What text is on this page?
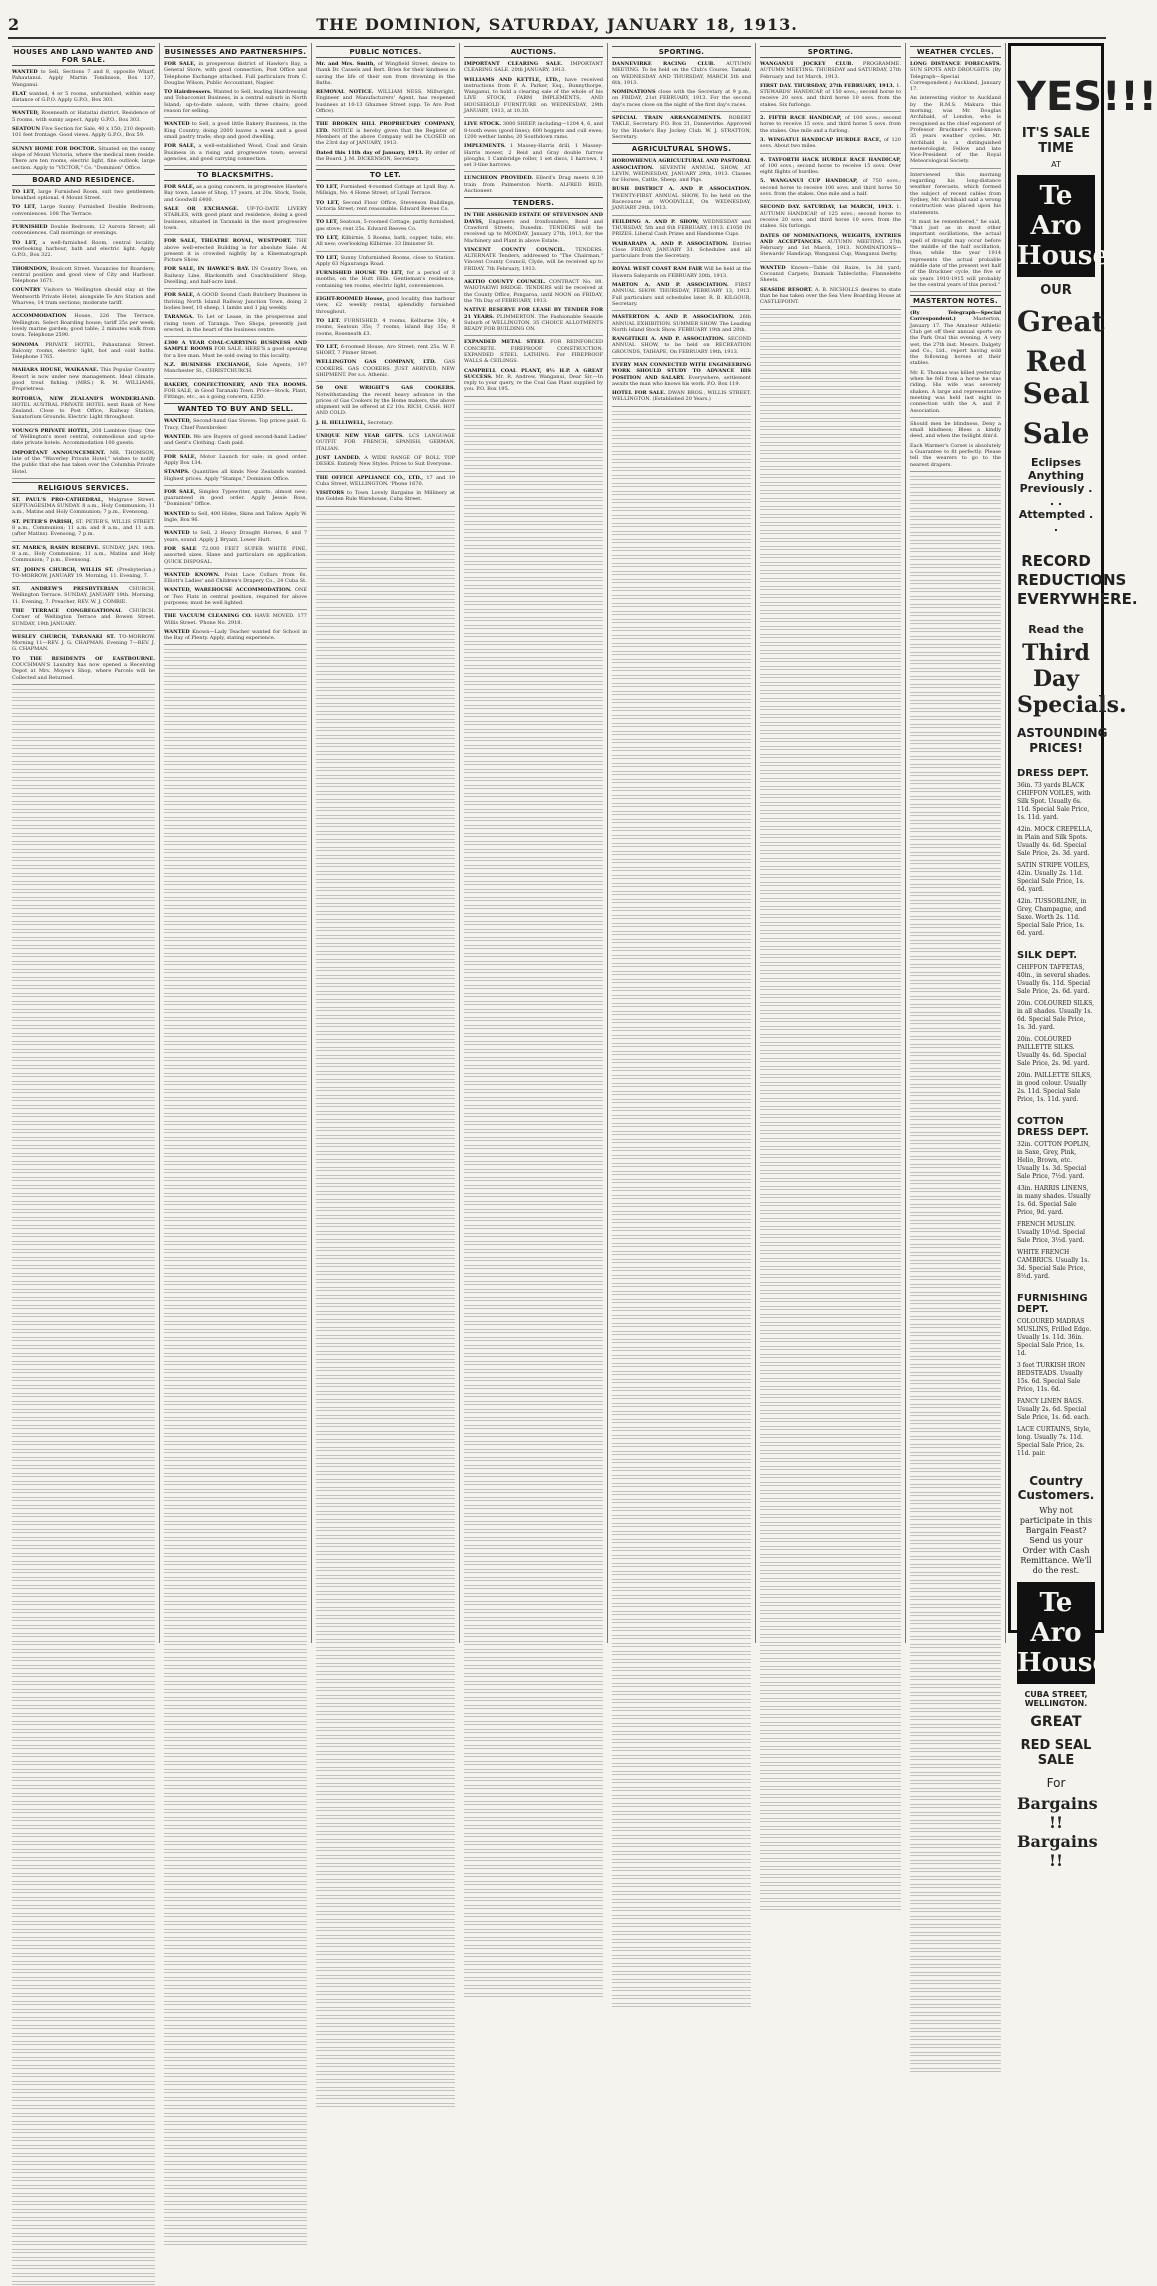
2	THE DOMINION, SATURDAY, JANUARY 18, 1913.
HOUSES AND LAND WANTED AND FOR SALE.
WANTED to Sell, Sections 7 and 8, opposite Wharf, Pahautanui. Apply Martin Tomlinson, Box 137, Wanganui.
FLAT wanted, 4 or 5 rooms, unfurnished, within easy distance of G.P.O. Apply G.P.O., Box 303.
WANTED, Roseneath or Hataitai district, Residence of 5 rooms, with sunny aspect. Apply G.P.O., Box 303.
SEATOUN Five Section for Sale, 40 x 150; 210 deposit; 101 feet frontage. Good views. Apply G.P.O., Box 59.
SUNNY HOME FOR DOCTOR. Situated on the sunny slope of Mount Victoria, where the medical men reside. There are ten rooms, electric light, fine outlook, large section. Apply to "VICTOR," Co. "Dominion" Office.
BOARD AND RESIDENCE.
TO LET, large Furnished Room, suit two gentlemen; breakfast optional. 4 Mount Street.
TO LET, Large Sunny Furnished Double Bedroom; conveniences. 108 The Terrace.
FURNISHED Double Bedroom, 12 Aurora Street; all conveniences. Call mornings or evenings.
TO LET, a well-furnished Room, central locality, overlooking harbour, bath and electric light. Apply G.P.O., Box 322.
THORNDON, Boulcott Street. Vacancies for Boarders; central position and good view of City and Harbour. Telephone 1671.
COUNTRY Visitors to Wellington should stay at the Wentworth Private Hotel, alongside Te Aro Station and Wharves; 14 tram sections; moderate tariff.
ACCOMMODATION House, 226 The Terrace, Wellington. Select Boarding house; tariff 25s per week; lovely marine garden; good table; 2 minutes walk from town. Telephone 2590.
SONOMA PRIVATE HOTEL, Pahautanui Street. Balcony rooms, electric light, hot and cold baths. Telephone 1765.
MAHARA HOUSE, WAIKANAE. This Popular Country Resort is now under new management. Ideal climate, good trout fishing. (MRS.) R. M. WILLIAMS, Proprietress.
ROTORUA, NEW ZEALAND'S WONDERLAND. HOTEL AUSTRAL PRIVATE HOTEL next Bank of New Zealand. Close to Post Office, Railway Station, Sanatorium Grounds. Electric Light throughout.
YOUNG'S PRIVATE HOTEL, 208 Lambton Quay. One of Wellington's most central, commodious and up-to-date private hotels. Accommodation 100 guests.
IMPORTANT ANNOUNCEMENT. MR. THOMSON, late of the "Waverley Private Hotel," wishes to notify the public that she has taken over the Columbia Private Hotel.
RELIGIOUS SERVICES.
ST. PAUL'S PRO-CATHEDRAL, Mulgrave Street. SEPTUAGESIMA SUNDAY. 8 a.m., Holy Communion; 11 a.m., Matins and Holy Communion; 7 p.m., Evensong.
ST. PETER'S PARISH, ST. PETER'S, WILLIS STREET. 8 a.m., Communion; 11 a.m. and 8 a.m., and 11 a.m. (after Matins). Evensong, 7 p.m.
ST. MARK'S, BASIN RESERVE. SUNDAY, JAN. 19th. 8 a.m., Holy Communion; 11 a.m., Matins and Holy Communion; 7 p.m., Evensong.
ST. JOHN'S CHURCH, WILLIS ST. (Presbyterian.) TO-MORROW, JANUARY 19. Morning, 11. Evening, 7.
ST. ANDREW'S PRESBYTERIAN CHURCH, Wellington Terrace. SUNDAY, JANUARY 19th. Morning, 11. Evening, 7. Preacher, REV. W. J. COMRIE.
THE TERRACE CONGREGATIONAL CHURCH. Corner of Wellington Terrace and Bowen Street. SUNDAY, 19th JANUARY.
WESLEY CHURCH, TARANAKI ST. TO-MORROW. Morning 11—REV. J. G. CHAPMAN. Evening 7—REV. J. G. CHAPMAN.
TO THE RESIDENTS OF EASTBOURNE. COUCHMAN'S Laundry has now opened a Receiving Depot at Mrs. Moyes's Shop, where Parcels will be Collected and Returned.
BUSINESSES AND PARTNERSHIPS.
FOR SALE, in prosperous district of Hawke's Bay, a General Store, with good connection, Post Office and Telephone Exchange attached. Full particulars from C. Douglas Wilson, Public Accountant, Napier.
TO Hairdressers. Wanted to Sell, leading Hairdressing and Tobacconist Business, in a central suburb in North Island; up-to-date saloon, with three chairs; good reason for selling.
WANTED to Sell, a good little Bakery Business, in the King Country, doing 2000 loaves a week and a good small pastry trade; shop and good dwelling.
FOR SALE, a well-established Wood, Coal and Grain Business in a rising and progressive town; several agencies, and good carrying connection.
TO BLACKSMITHS.
FOR SALE, as a going concern, in progressive Hawke's Bay town, Lease of Shop, 17 years, at 20s. Stock, Tools, and Goodwill £400.
SALE OR EXCHANGE. UP-TO-DATE LIVERY STABLES, with good plant and residence, doing a good business, situated in Taranaki in the most progressive town.
FOR SALE, THEATRE ROYAL, WESTPORT. THE above well-erected Building is for absolute Sale. At present it is crowded nightly by a Kinematograph Picture Show.
FOR SALE, IN HAWKE'S BAY. IN Country Town, on Railway Line, Blacksmith and Coachbuilders' Shop, Dwelling, and half-acre land.
FOR SALE, A GOOD Sound Cash Butchery Business in thriving North Island Railway Junction Town, doing 2 bodies beef, 10 sheep, 1 lambs and 1 pig weekly.
TARANGA. To Let or Lease, in the prosperous and rising town of Taranga. Two Shops, presently just erected, in the heart of the business centre.
£300 A YEAR COAL-CARRYING BUSINESS AND SAMPLE ROOMS FOR SALE. HERE'S a good opening for a live man. Must be sold owing to this locality.
N.Z. BUSINESS EXCHANGE, Sole Agents, 197 Manchester St., CHRISTCHURCH.
BAKERY, CONFECTIONERY, AND TEA ROOMS. FOR SALE, in Good Taranaki Town. Price—Stock, Plant, Fittings, etc., as a going concern, £250.
WANTED TO BUY AND SELL.
WANTED, Second-hand Gas Stoves. Top prices paid. G. Tracy, Chief Pawnbroker.
WANTED. We are Buyers of good second-hand Ladies' and Gent's Clothing. Cash paid.
FOR SALE, Motor Launch for sale; in good order. Apply Box 134.
STAMPS. Quantities all kinds New Zealands wanted. Highest prices. Apply "Stamps," Dominion Office.
FOR SALE, Simplex Typewriter, quarto, almost new; guaranteed in good order. Apply Jessie Ross, "Dominion" Office.
WANTED to Sell, 400 Hides, Skins and Tallow. Apply W. Ingle, Box 96.
WANTED to Sell, 2 Heavy Draught Horses, 6 and 7 years, sound. Apply J. Bryant, Lower Hutt.
FOR SALE 72,000 FEET SUPER WHITE PINE, assorted sizes. Slane and particulars on application. QUICK DISPOSAL.
WANTED KNOWN. Point Lace Collars from 6s. Elliott's Ladies' and Children's Drapery Co., 24 Cuba St.
WANTED, WAREHOUSE ACCOMMODATION. ONE or Two Flats in central position, required for above purposes; must be well lighted.
THE VACUUM CLEANING CO. HAVE MOVED. 177 Willis Street. 'Phone No. 2918.
WANTED Known—Lady Teacher wanted for School in the Bay of Plenty. Apply, stating experience.
PUBLIC NOTICES.
Mr. and Mrs. Smith, of Wingfield Street, desire to thank Dr. Cassels and Bert. Brien for their kindness in saving the life of their son from drowning in the Baths.
REMOVAL NOTICE. WILLIAM NESS, Millwright, Engineer and Manufacturers' Agent, has reopened business at 10-13 Ghuznee Street (opp. Te Aro Post Office).
THE BROKEN HILL PROPRIETARY COMPANY, LTD. NOTICE is hereby given that the Register of Members of the above Company will be CLOSED on the 23rd day of JANUARY, 1913.
Dated this 11th day of January, 1913. By order of the Board. J. M. DICKENSON, Secretary.
TO LET.
TO LET, Furnished 4-roomed Cottage at Lyall Bay. A. Millsign, No. 4 Home Street, of Lyall Terrace.
TO LET, Second Floor Office, Stevenson Buildings, Victoria Street; rent reasonable. Edward Reeves Co.
TO LET, Seatoun, 5-roomed Cottage, partly furnished, gas stove; rent 25s. Edward Reeves Co.
TO LET, Kilbirnie, 5 Rooms, bath, copper, tubs, etc. All new; overlooking Kilbirnie. 33 Ilminster St.
TO LET, Sunny Unfurnished Rooms, close to Station. Apply 63 Ngauranga Road.
FURNISHED HOUSE TO LET, for a period of 3 months, on the Hutt Hills. Gentleman's residence, containing ten rooms, electric light, conveniences.
EIGHT-ROOMED House, good locality, fine harbour view, £2 weekly rental, splendidly furnished throughout.
TO LET. FURNISHED. 4 rooms, Kelburne 30s; 4 rooms, Seatoun 35s; 7 rooms, Island Bay 35s; 8 rooms, Roseneath £3.
TO LET, 6-roomed House, Aro Street; rent 25s. W. F. SHORT, 7 Pinner Street.
WELLINGTON GAS COMPANY, LTD. GAS COOKERS. GAS COOKERS. JUST ARRIVED, NEW SHIPMENT. Per s.s. Athenic.
50 ONE WRIGHT'S GAS COOKERS. Notwithstanding the recent heavy advance in the prices of Gas Cookers by the Home makers, the above shipment will be offered at £2 10s. RICH, CASH. HOT AND COLD.
J. H. HELLIWELL, Secretary.
UNIQUE NEW YEAR GIFTS. LCS LANGUAGE OUTFIT FOR FRENCH, SPANISH, GERMAN, ITALIAN.
JUST LANDED. A WIDE RANGE OF ROLL TOP DESKS. Entirely New Styles. Prices to Suit Everyone.
THE OFFICE APPLIANCE CO., LTD., 17 and 19 Cuba Street, WELLINGTON. 'Phone 1670.
VISITORS to Town Lovely Bargains in Millinery at the Golden Rule Warehouse, Cuba Street.
AUCTIONS.
IMPORTANT CLEARING SALE. IMPORTANT CLEARING SALE. 20th JANUARY, 1913.
WILLIAMS AND KETTLE, LTD., have received instructions from F. A. Parker, Esq., Bunnythorpe, Wanganui, to hold a clearing sale of the whole of his LIVE STOCK, FARM IMPLEMENTS, AND HOUSEHOLD FURNITURE on WEDNESDAY, 29th JANUARY, 1913, at 10.30.
LIVE STOCK. 3000 SHEEP, including—1204 4, 6, and 8-tooth ewes (good lines); 600 hoggets and cull ewes; 1200 wether lambs; 20 Southdown rams.
IMPLEMENTS. 1 Massey-Harris drill, 1 Massey-Harris mower, 2 Reid and Gray double furrow ploughs, 1 Cambridge roller, 1 set discs, 1 harrows, 1 set 3-tine harrows.
LUNCHEON PROVIDED. Ellerd's Drag meets 8.30 train from Palmerston North. ALFRED REID, Auctioneer.
TENDERS.
IN THE ASSIGNED ESTATE OF STEVENSON AND DAVIS, Engineers and Ironfounders, Bond and Crawford Streets, Dunedin. TENDERS will be received up to MONDAY, January 27th, 1913, for the Machinery and Plant in above Estate.
VINCENT COUNTY COUNCIL. TENDERS. ALTERNATE Tenders, addressed to "The Chairman," Vincent County Council, Clyde, will be received up to FRIDAY, 7th February, 1913.
AKITIO COUNTY COUNCIL. CONTRACT No. 88. WAIOTAKIWI BRIDGE. TENDERS will be received at the County Office, Pongaroa, until NOON on FRIDAY, the 7th Day of FEBRUARY, 1913.
NATIVE RESERVE FOR LEASE BY TENDER FOR 21 YEARS. PLIMMERTON. The Fashionable Seaside Suburb of WELLINGTON. 35 CHOICE ALLOTMENTS READY FOR BUILDING ON.
EXPANDED METAL STEEL FOR REINFORCED CONCRETE. FIREPROOF CONSTRUCTION. EXPANDED STEEL LATHING. For FIREPROOF WALLS & CEILINGS.
CAMPBELL COAL PLANT, 8½ H.P. A GREAT SUCCESS. Mr. R. Andrew, Wanganui, Dear Sir,—In reply to your query, re the Coal Gas Plant supplied by you. P.O. Box 195.
SPORTING.
DANNEVIRKE RACING CLUB. AUTUMN MEETING. To be held on the Club's Course, Tamaki, on WEDNESDAY AND THURSDAY, MARCH 5th and 6th, 1913.
NOMINATIONS close with the Secretary at 9 p.m., on FRIDAY, 21st FEBRUARY, 1913. For the second day's races close on the night of the first day's races.
SPECIAL TRAIN ARRANGEMENTS. ROBERT TAKLE, Secretary. P.O. Box 21, Dannevirke. Approved by the Hawke's Bay Jockey Club. W. J. STRATTON, Secretary.
AGRICULTURAL SHOWS.
HOROWHENUA AGRICULTURAL AND PASTORAL ASSOCIATION. SEVENTH ANNUAL SHOW, AT LEVIN, WEDNESDAY, JANUARY 29th, 1913. Classes for Horses, Cattle, Sheep, and Pigs.
BUSH DISTRICT A. AND P. ASSOCIATION. TWENTY-FIRST ANNUAL SHOW, To be held on the Racecourse at WOODVILLE, On WEDNESDAY, JANUARY 29th, 1913.
FEILDING A. AND P. SHOW, WEDNESDAY and THURSDAY, 5th and 6th FEBRUARY, 1913. £1050 IN PRIZES. Liberal Cash Prizes and Handsome Cups.
WAIRARAPA A. AND P. ASSOCIATION. Entries Close FRIDAY, JANUARY 31. Schedules and all particulars from the Secretary.
ROYAL WEST COAST RAM FAIR Will be held at the Hawera Saleyards on FEBRUARY 20th, 1913.
MARTON A. AND P. ASSOCIATION. FIRST ANNUAL SHOW. THURSDAY, FEBRUARY 13, 1913. Full particulars and schedules later. R. B. KILGOUR, Secretary.
MASTERTON A. AND P. ASSOCIATION. 26th ANNUAL EXHIBITION. SUMMER SHOW. The Leading North Island Stock Show. FEBRUARY 19th and 20th.
RANGITIKEI A. AND P. ASSOCIATION. SECOND ANNUAL SHOW, to be held on RECREATION GROUNDS, TAIHAPE, On FEBRUARY 19th, 1913.
EVERY MAN CONNECTED WITH ENGINEERING WORK SHOULD STUDY TO ADVANCE HIS POSITION AND SALARY. Everywhere, settlement awaits the man who knows his work. P.O. Box 119.
HOTEL FOR SALE. DWAN BROS., WILLIS STREET, WELLINGTON. (Established 20 Years.)
SPORTING.
WANGANUI JOCKEY CLUB. PROGRAMME. AUTUMN MEETING. THURSDAY and SATURDAY, 27th February and 1st March, 1913.
FIRST DAY. THURSDAY, 27th FEBRUARY, 1913. 1. STEWARDS' HANDICAP, of 150 sovs.; second horse to receive 20 sovs. and third horse 10 sovs. from the stakes. Six furlongs.
2. FIFTH RACE HANDICAP, of 100 sovs.; second horse to receive 15 sovs. and third horse 5 sovs. from the stakes. One mile and a furlong.
3. WINGATUI HANDICAP HURDLE RACE, of 120 sovs. About two miles.
4. TAYFORTH HACK HURDLE RACE HANDICAP, of 100 sovs.; second horse to receive 15 sovs. Over eight flights of hurdles.
5. WANGANUI CUP HANDICAP, of 750 sovs.; second horse to receive 100 sovs. and third horse 50 sovs. from the stakes. One mile and a half.
SECOND DAY. SATURDAY, 1st MARCH, 1913. 1. AUTUMN HANDICAP, of 125 sovs.; second horse to receive 20 sovs. and third horse 10 sovs. from the stakes. Six furlongs.
DATES OF NOMINATIONS, WEIGHTS, ENTRIES AND ACCEPTANCES. AUTUMN MEETING. 27th February and 1st March, 1913. NOMINATIONS—Stewards' Handicap, Wanganui Cup, Wanganui Derby.
WANTED Known—Table Oil Baize, 1s 3d yard; Cocoanut Carpets; Damask Tablecloths; Flannelette Sheets.
SEASIDE RESORT. A. B. NICHOLLS desires to state that he has taken over the Sea View Boarding House at CASTLEPOINT.
WEATHER CYCLES.
LONG DISTANCE FORECASTS. SUN SPOTS AND DROUGHTS. (By Telegraph—Special Correspondent.) Auckland, January 17.
An interesting visitor to Auckland by the R.M.S. Makura this morning, was Mr. Douglas Archibald, of London, who is recognised as the chief exponent of Professor Bruckner's well-known 35 years weather cycles. Mr. Archibald is a distinguished meteorologist, Fellow and late Vice-President of the Royal Meteorological Society.
Interviewed this morning regarding his long-distance weather forecasts, which formed the subject of recent cables from Sydney, Mr. Archibald said a wrong construction was placed upon his statements.
"It must be remembered," he said, "that just as in most other important oscillations, the actual spell of drought may occur before the middle of the half oscillation, thus, while the year 1914 represents the actual probable middle date of the present wet half of the Bruckner cycle, the five or six years 1910-1915 will probably be the central years of this period."
MASTERTON NOTES.
(By Telegraph—Special Correspondent.)	Masterton, January 17. The Amateur Athletic Club get off their annual sports on the Park Oval this evening. A very wet, the 27th inst. Messrs. Dalgety and Co., Ltd., report having sold the following horses at their stables.
Mr. E. Thomas was killed yesterday when he fell from a horse he was riding. His wife was severely shaken. A large and representative meeting was held last night in connection with the A. and P. Association.
Should men be blindness, Deny a small kindness; Bless a kindly deed, and when the twilight dim'd.
Each Warmer's Corset is absolutely a Guarantee to fit perfectly. Please tell the wearers to go to the nearest drapers.
YES!!!
IT'S SALE TIME
AT
Te Aro House
OUR
Great
Red Seal
Sale
Eclipses Anything Previously . . . Attempted . .
RECORD REDUCTIONS EVERYWHERE.
Read the
Third Day Specials.
ASTOUNDING PRICES!
DRESS DEPT.
36in. 73 yards BLACK CHIFFON VOILES, with Silk Spot. Usually 6s. 11d. Special Sale Price, 1s. 11d. yard.
42in. MOCK CREPELLA, in Plain and Silk Spots. Usually 4s. 6d. Special Sale Price, 2s. 3d. yard.
SATIN STRIPE VOILES, 42in. Usually 2s. 11d. Special Sale Price, 1s. 6d. yard.
42in. TUSSORLINE, in Grey, Champagne, and Saxe. Worth 2s. 11d. Special Sale Price, 1s. 6d. yard.
SILK DEPT.
CHIFFON TAFFETAS, 40in., in several shades. Usually 6s. 11d. Special Sale Price, 2s. 6d. yard.
20in. COLOURED SILKS, in all shades. Usually 1s. 6d. Special Sale Price, 1s. 3d. yard.
20in. COLOURED PAILLETTE SILKS. Usually 4s. 6d. Special Sale Price, 2s. 9d. yard.
20in. PAILLETTE SILKS, in good colour. Usually 2s. 11d. Special Sale Price, 1s. 11d. yard.
COTTON DRESS DEPT.
32in. COTTON POPLIN, in Saxe, Grey, Pink, Helio, Brown, etc. Usually 1s. 3d. Special Sale Price, 7½d. yard.
43in. HARRIS LINENS, in many shades. Usually 1s. 6d. Special Sale Price, 9d. yard.
FRENCH MUSLIN. Usually 10½d. Special Sale Price, 3½d. yard.
WHITE FRENCH CAMBRICS. Usually 1s. 3d. Special Sale Price, 8½d. yard.
FURNISHING DEPT.
COLOURED MADRAS MUSLINS, Frilled Edge. Usually 1s. 11d. 36in. Special Sale Price, 1s. 1d.
3 feet TURKISH IRON BEDSTEADS. Usually 15s. 6d. Special Sale Price, 11s. 6d.
FANCY LINEN BAGS. Usually 2s. 6d. Special Sale Price, 1s. 6d. each.
LACE CURTAINS, Style, long. Usually 7s. 11d. Special Sale Price, 2s. 11d. pair.
Country Customers.
Why not participate in this Bargain Feast? Send us your Order with Cash Remittance. We'll do the rest.
Te Aro House
CUBA STREET, WELLINGTON.
GREAT
RED SEAL SALE
For
Bargains !! Bargains !!
